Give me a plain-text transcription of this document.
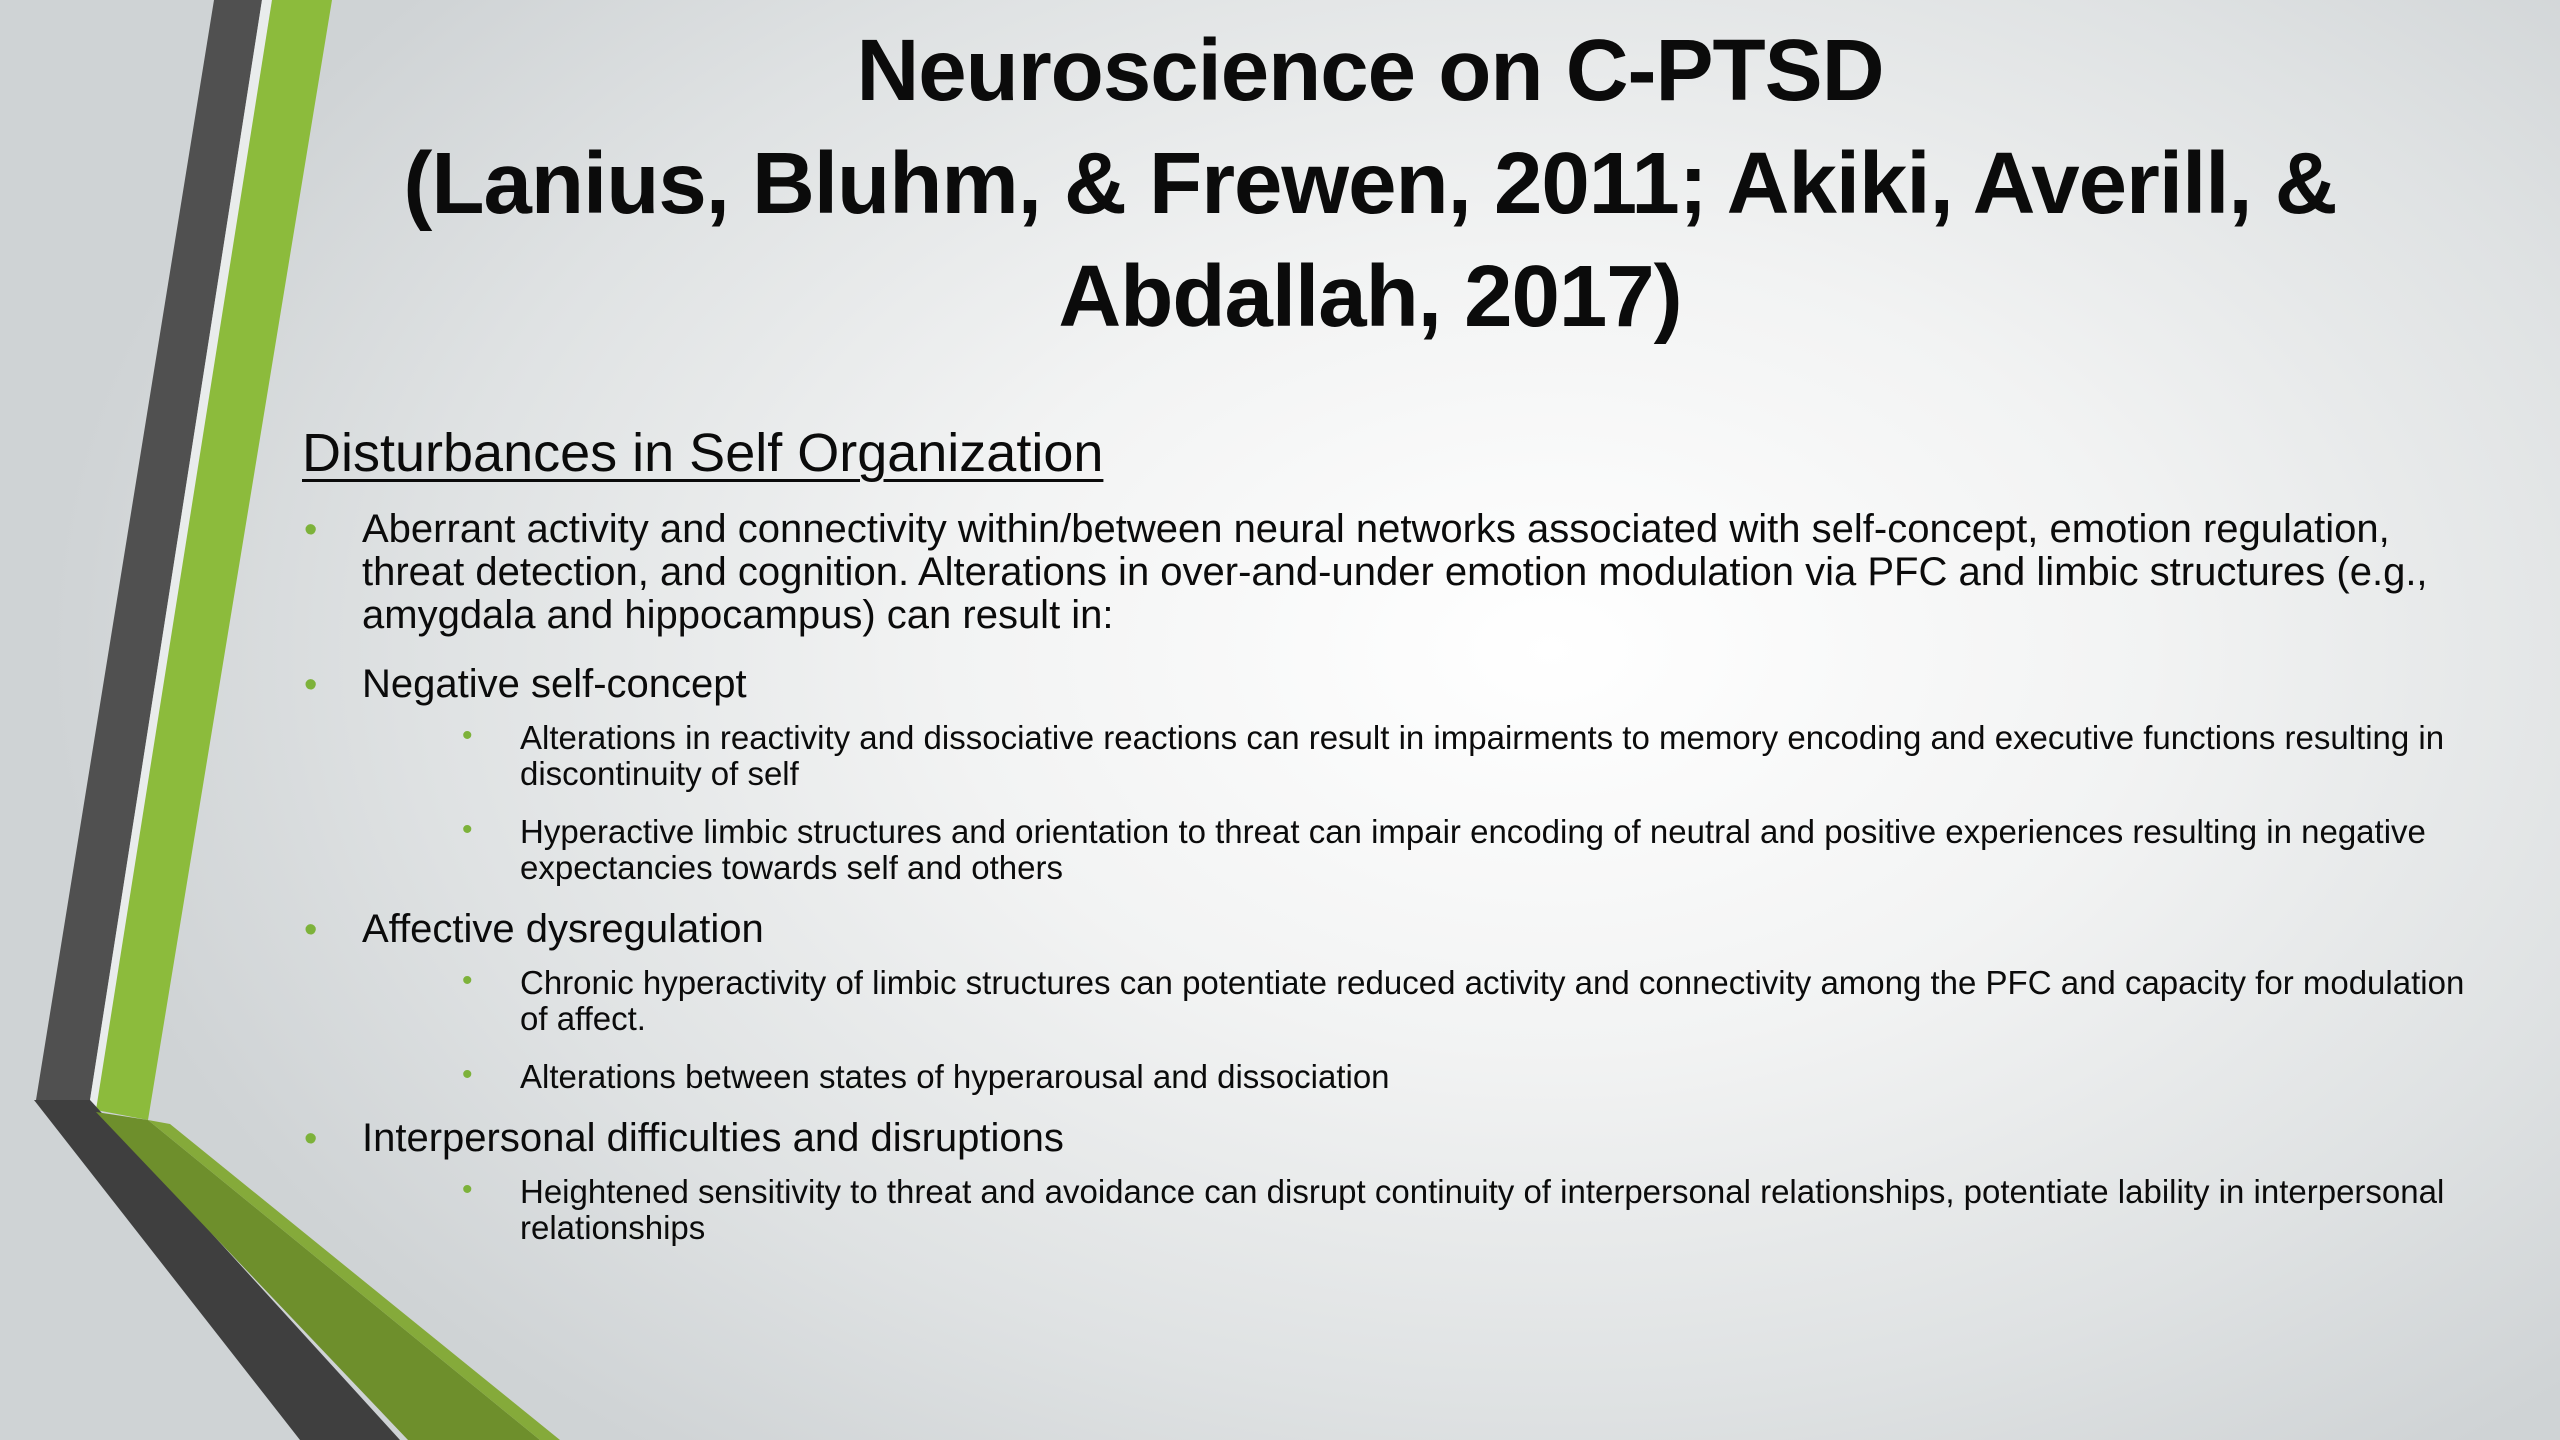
Neuroscience on C-PTSD
(Lanius, Bluhm, & Frewen, 2011; Akiki, Averill, &
Abdallah, 2017)
Disturbances in Self Organization
• Aberrant activity and connectivity within/between neural networks associated with self-concept, emotion regulation, threat detection, and cognition. Alterations in over-and-under emotion modulation via PFC and limbic structures (e.g., amygdala and hippocampus) can result in:
• Negative self-concept
• Alterations in reactivity and dissociative reactions can result in impairments to memory encoding and executive functions resulting in discontinuity of self
• Hyperactive limbic structures and orientation to threat can impair encoding of neutral and positive experiences resulting in negative expectancies towards self and others
• Affective dysregulation
• Chronic hyperactivity of limbic structures can potentiate reduced activity and connectivity among the PFC and capacity for modulation of affect.
• Alterations between states of hyperarousal and dissociation
• Interpersonal difficulties and disruptions
• Heightened sensitivity to threat and avoidance can disrupt continuity of interpersonal relationships, potentiate lability in interpersonal relationships
